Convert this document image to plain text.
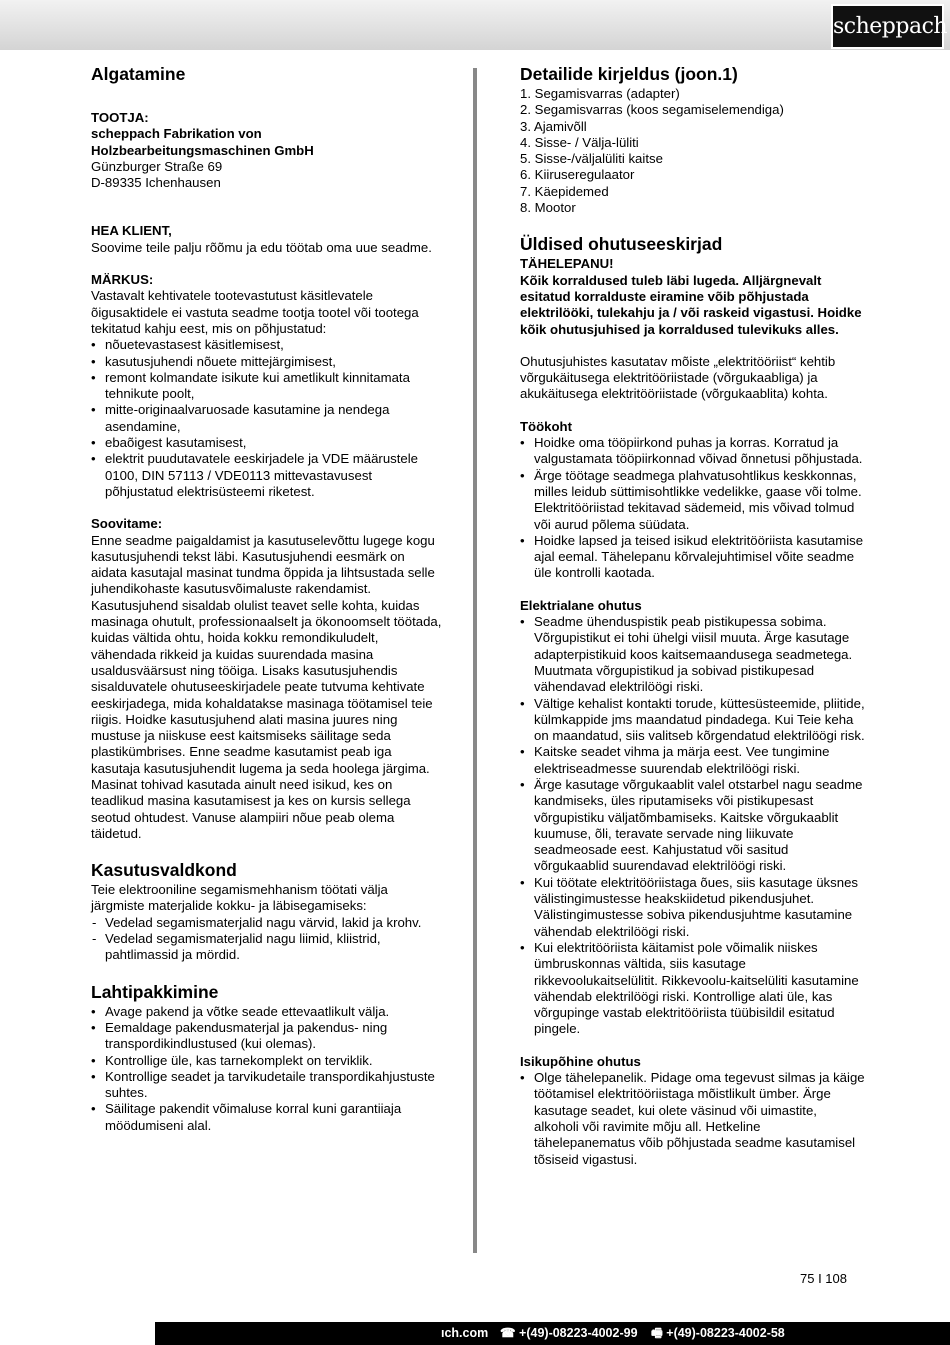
scheppach
Algatamine

TOOTJA:

scheppach Fabrikation von

Holzbearbeitungsmaschinen GmbH

Günzburger Straße 69

D-89335 Ichenhausen

HEA KLIENT,

Soovime teile palju rõõmu ja edu töötab oma uue seadme.

MÄRKUS:

Vastavalt kehtivatele tootevastutust käsitlevatele õigusaktidele ei vastuta seadme tootja tootel või tootega tekitatud kahju eest, mis on põhjustatud:

• nõuetevastasest käsitlemisest,
• kasutusjuhendi nõuete mittejärgimisest,
• remont kolmandate isikute kui ametlikult kinnitamata tehnikute poolt,
• mitte-originaalvaruosade kasutamine ja nendega asendamine,
• ebaõigest kasutamisest,
• elektrit puudutavatele eeskirjadele ja VDE määrustele 0100, DIN 57113 / VDE0113 mittevastavusest põhjustatud elektrisüsteemi riketest.

Soovitame:

Enne seadme paigaldamist ja kasutuselevõttu lugege kogu kasutusjuhendi tekst läbi. Kasutusjuhendi eesmärk on aidata kasutajal masinat tundma õppida ja lihtsustada selle juhendikohaste kasutusvõimaluste rakendamist. Kasutusjuhend sisaldab olulist teavet selle kohta, kuidas masinaga ohutult, professionaalselt ja ökonoomselt töötada, kuidas vältida ohtu, hoida kokku remondikuludelt, vähendada rikkeid ja kuidas suurendada masina usaldusväärsust ning tööiga. Lisaks kasutusjuhendis

sisalduvatele ohutuseeskirjadele peate tutvuma kehtivate eeskirjadega, mida kohaldatakse masinaga töötamisel teie riigis. Hoidke kasutusjuhend alati masina juures ning mustuse ja niiskuse eest kaitsmiseks säilitage seda plastikümbrises. Enne seadme kasutamist peab iga kasutaja kasutusjuhendit lugema ja seda hoolega järgima. Masinat tohivad kasutada ainult need isikud, kes on

teadlikud masina kasutamisest ja kes on kursis sellega seotud ohtudest. Vanuse alampiiri nõue peab olema täidetud.

Kasutusvaldkond

Teie elektrooniline segamismehhanism töötati välja järgmiste materjalide kokku- ja läbisegamiseks:

- Vedelad segamismaterjalid nagu värvid, lakid ja krohv.
- Vedelad segamismaterjalid nagu liimid, kliistrid, pahtlimassid ja mördid.
Lahtipakkimine
• Avage pakend ja võtke seade ettevaatlikult välja.
• Eemaldage pakendusmaterjal ja pakendus- ning transpordikindlustused (kui olemas).
• Kontrollige üle, kas tarnekomplekt on terviklik.
• Kontrollige seadet ja tarvikudetaile transpordikahjustuste suhtes.
• Säilitage pakendit võimaluse korral kuni garantiiaja möödumiseni alal.
Detailide kirjeldus (joon.1)
1. Segamisvarras (adapter)
2. Segamisvarras (koos segamiselemendiga)
3. Ajamivõll
4. Sisse- / Välja-lüliti
5. Sisse-/väljalüliti kaitse
6. Kiiruseregulaator
7. Käepidemed
8. Mootor
Üldised ohutuseeskirjad

TÄHELEPANU!

Kõik korraldused tuleb läbi lugeda. Alljärgnevalt esitatud korralduste eiramine võib põhjustada elektrilööki, tulekahju ja / või raskeid vigastusi. Hoidke kõik ohutusjuhised ja korraldused tulevikuks alles.

Ohutusjuhistes kasutatav mõiste „elektritööriist“ kehtib võrgukäitusega elektritööriistade (võrgukaabliga) ja akukäitusega elektritööriistade (võrgukaablita) kohta.

Töökoht

• Hoidke oma tööpiirkond puhas ja korras. Korratud ja valgustamata tööpiirkonnad võivad õnnetusi põhjustada.
• Ärge töötage seadmega plahvatusohtlikus keskkonnas, milles leidub süttimisohtlikke vedelikke, gaase või tolme. Elektritööriistad tekitavad sädemeid, mis võivad tolmud või aurud põlema süüdata.
• Hoidke lapsed ja teised isikud elektritööriista kasutamise ajal eemal. Tähelepanu kõrvalejuhtimisel võite seadme üle kontrolli kaotada.

Elektrialane ohutus

• Seadme ühenduspistik peab pistikupessa sobima. Võrgupistikut ei tohi ühelgi viisil muuta. Ärge kasutage adapterpistikuid koos kaitsemaandusega seadmetega. Muutmata võrgupistikud ja sobivad pistikupesad vähendavad elektrilöögi riski.
• Vältige kehalist kontakti torude, küttesüsteemide, pliitide, külmkappide jms maandatud pindadega. Kui Teie keha on maandatud, siis valitseb kõrgendatud elektrilöögi risk.
• Kaitske seadet vihma ja märja eest. Vee tungimine elektriseadmesse suurendab elektrilöögi riski.
• Ärge kasutage võrgukaablit valel otstarbel nagu seadme kandmiseks, üles riputamiseks või pistikupesast võrgupistiku väljatõmbamiseks. Kaitske võrgukaablit kuumuse, õli, teravate servade ning liikuvate seadmeosade eest. Kahjustatud või sasitud võrgukaablid suurendavad elektrilöögi riski.
• Kui töötate elektritööriistaga õues, siis kasutage üksnes välistingimustesse heakskiidetud pikendusjuhet. Välistingimustesse sobiva pikendusjuhtme kasutamine vähendab elektrilöögi riski.
• Kui elektritööriista käitamist pole võimalik niiskes ümbruskonnas vältida, siis kasutage rikkevoolukaitselülitit. Rikkevoolu-kaitselüliti kasutamine vähendab elektrilöögi riski. Kontrollige alati üle, kas võrgupinge vastab elektritööriista tüübisildil esitatud pingele.

Isikupõhine ohutus

• Olge tähelepanelik. Pidage oma tegevust silmas ja käige töötamisel elektritööriistaga mõistlikult ümber. Ärge kasutage seadet, kui olete väsinud või uimastite, alkoholi või ravimite mõju all. Hetkeline tähelepanematus võib põhjustada seadme kasutamisel tõsiseid vigastusi.
75 I 108
ıch.com ☎ +(49)-08223-4002-99 🖷 +(49)-08223-4002-58
